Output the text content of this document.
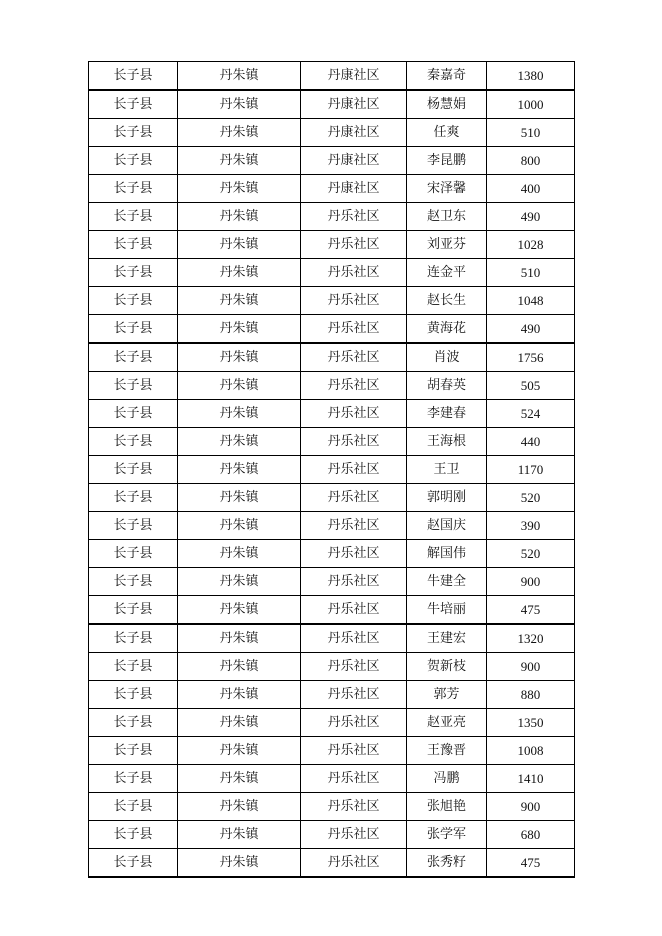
长子县	丹朱镇	丹康社区	秦嘉奇	1380
长子县	丹朱镇	丹康社区	杨慧娟	1000
长子县	丹朱镇	丹康社区	任爽	510
长子县	丹朱镇	丹康社区	李昆鹏	800
长子县	丹朱镇	丹康社区	宋泽馨	400
长子县	丹朱镇	丹乐社区	赵卫东	490
长子县	丹朱镇	丹乐社区	刘亚芬	1028
长子县	丹朱镇	丹乐社区	连金平	510
长子县	丹朱镇	丹乐社区	赵长生	1048
长子县	丹朱镇	丹乐社区	黄海花	490
长子县	丹朱镇	丹乐社区	肖波	1756
长子县	丹朱镇	丹乐社区	胡春英	505
长子县	丹朱镇	丹乐社区	李建春	524
长子县	丹朱镇	丹乐社区	王海根	440
长子县	丹朱镇	丹乐社区	王卫	1170
长子县	丹朱镇	丹乐社区	郭明刚	520
长子县	丹朱镇	丹乐社区	赵国庆	390
长子县	丹朱镇	丹乐社区	解国伟	520
长子县	丹朱镇	丹乐社区	牛建全	900
长子县	丹朱镇	丹乐社区	牛培丽	475
长子县	丹朱镇	丹乐社区	王建宏	1320
长子县	丹朱镇	丹乐社区	贺新枝	900
长子县	丹朱镇	丹乐社区	郭芳	880
长子县	丹朱镇	丹乐社区	赵亚亮	1350
长子县	丹朱镇	丹乐社区	王豫晋	1008
长子县	丹朱镇	丹乐社区	冯鹏	1410
长子县	丹朱镇	丹乐社区	张旭艳	900
长子县	丹朱镇	丹乐社区	张学军	680
长子县	丹朱镇	丹乐社区	张秀籽	475
